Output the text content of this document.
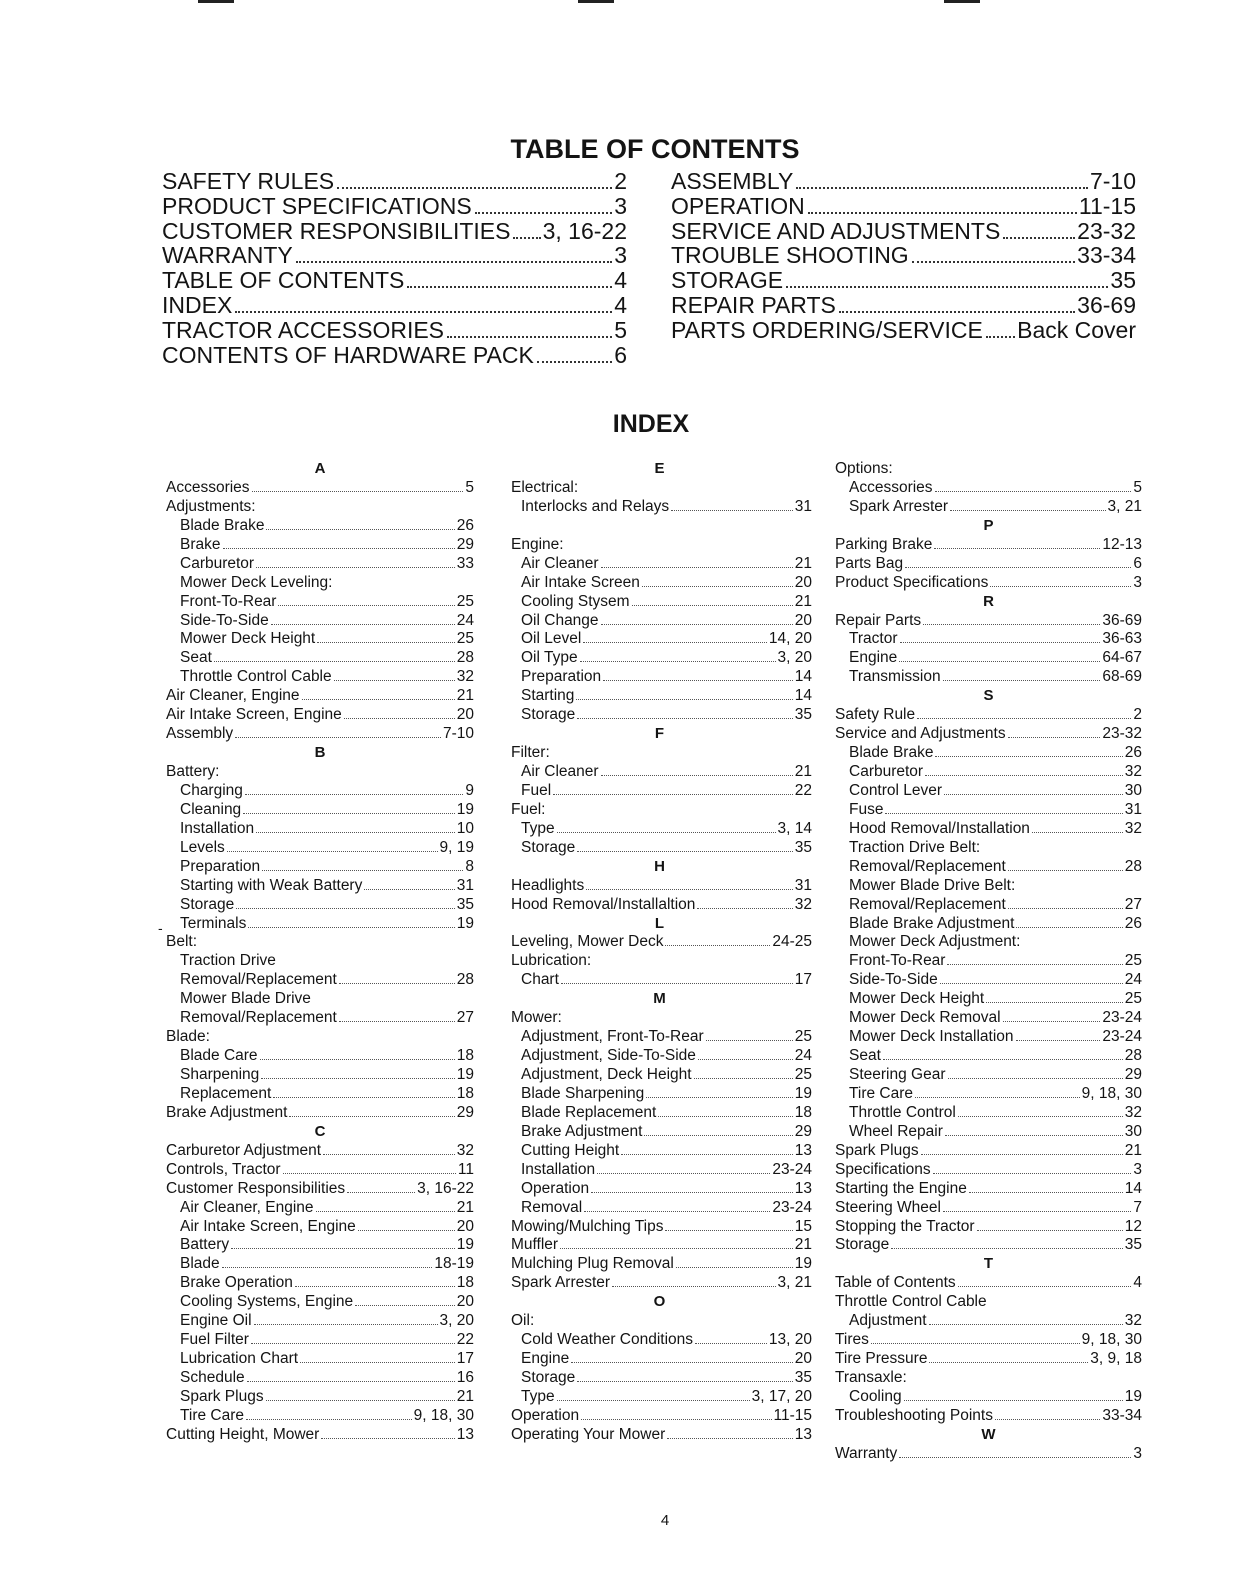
TABLE OF CONTENTS
SAFETY RULES	2
PRODUCT SPECIFICATIONS	3
CUSTOMER RESPONSIBILITIES 3, 16-22
WARRANTY	3
TABLE OF CONTENTS	4
INDEX	4
TRACTOR ACCESSORIES	5
CONTENTS OF HARDWARE PACK	6
ASSEMBLY	7-10
OPERATION	11-15
SERVICE AND ADJUSTMENTS	23-32
TROUBLE SHOOTING	33-34
STORAGE	35
REPAIR PARTS	36-69
PARTS ORDERING/SERVICE Back Cover
INDEX
A
Accessories	5
Adjustments:
Blade Brake	26
Brake	29
Carburetor	33
Mower Deck Leveling:
Front-To-Rear	25
Side-To-Side	24
Mower Deck Height	25
Seat	28
Throttle Control Cable	32
Air Cleaner, Engine	21
Air Intake Screen, Engine	20
Assembly	7-10
B
Battery:
Charging	9
Cleaning	19
Installation	10
Levels	9, 19
Preparation	8
Starting with Weak Battery	31
Storage	35
Terminals	19
Belt:
Traction Drive
Removal/Replacement	28
Mower Blade Drive
Removal/Replacement	27
Blade:
Blade Care	18
Sharpening	19
Replacement	18
Brake Adjustment	29
C
Carburetor Adjustment	32
Controls, Tractor	11
Customer Responsibilities	3, 16-22
Air Cleaner, Engine	21
Air Intake Screen, Engine	20
Battery	19
Blade	18-19
Brake Operation	18
Cooling Systems, Engine	20
Engine Oil	3, 20
Fuel Filter	22
Lubrication Chart	17
Schedule	16
Spark Plugs	21
Tire Care	9, 18, 30
Cutting Height, Mower	13
E
Electrical:
Interlocks and Relays	31
Engine:
Air Cleaner	21
Air Intake Screen	20
Cooling Stysem	21
Oil Change	20
Oil Level	14, 20
Oil Type	3, 20
Preparation	14
Starting	14
Storage	35
F
Filter:
Air Cleaner	21
Fuel	22
Fuel:
Type	3, 14
Storage	35
H
Headlights	31
Hood Removal/Installaltion	32
L
Leveling, Mower Deck	24-25
Lubrication:
Chart	17
M
Mower:
Adjustment, Front-To-Rear	25
Adjustment, Side-To-Side	24
Adjustment, Deck Height	25
Blade Sharpening	19
Blade Replacement	18
Brake Adjustment	29
Cutting Height	13
Installation	23-24
Operation	13
Removal	23-24
Mowing/Mulching Tips	15
Muffler	21
Mulching Plug Removal	19
Spark Arrester	3, 21
O
Oil:
Cold Weather Conditions	13, 20
Engine	20
Storage	35
Type	3, 17, 20
Operation	11-15
Operating Your Mower	13
Options:
Accessories	5
Spark Arrester	3, 21
P
Parking Brake	12-13
Parts Bag	6
Product Specifications	3
R
Repair Parts	36-69
Tractor	36-63
Engine	64-67
Transmission	68-69
S
Safety Rule	2
Service and Adjustments	23-32
Blade Brake	26
Carburetor	32
Control Lever	30
Fuse	31
Hood Removal/Installation	32
Traction Drive Belt:
Removal/Replacement	28
Mower Blade Drive Belt:
Removal/Replacement	27
Blade Brake Adjustment	26
Mower Deck Adjustment:
Front-To-Rear	25
Side-To-Side	24
Mower Deck Height	25
Mower Deck Removal	23-24
Mower Deck Installation	23-24
Seat	28
Steering Gear	29
Tire Care	9, 18, 30
Throttle Control	32
Wheel Repair	30
Spark Plugs	21
Specifications	3
Starting the Engine	14
Steering Wheel	7
Stopping the Tractor	12
Storage	35
T
Table of Contents	4
Throttle Control Cable
Adjustment	32
Tires	9, 18, 30
Tire Pressure	3, 9, 18
Transaxle:
Cooling	19
Troubleshooting Points	33-34
W
Warranty	3
-
4
